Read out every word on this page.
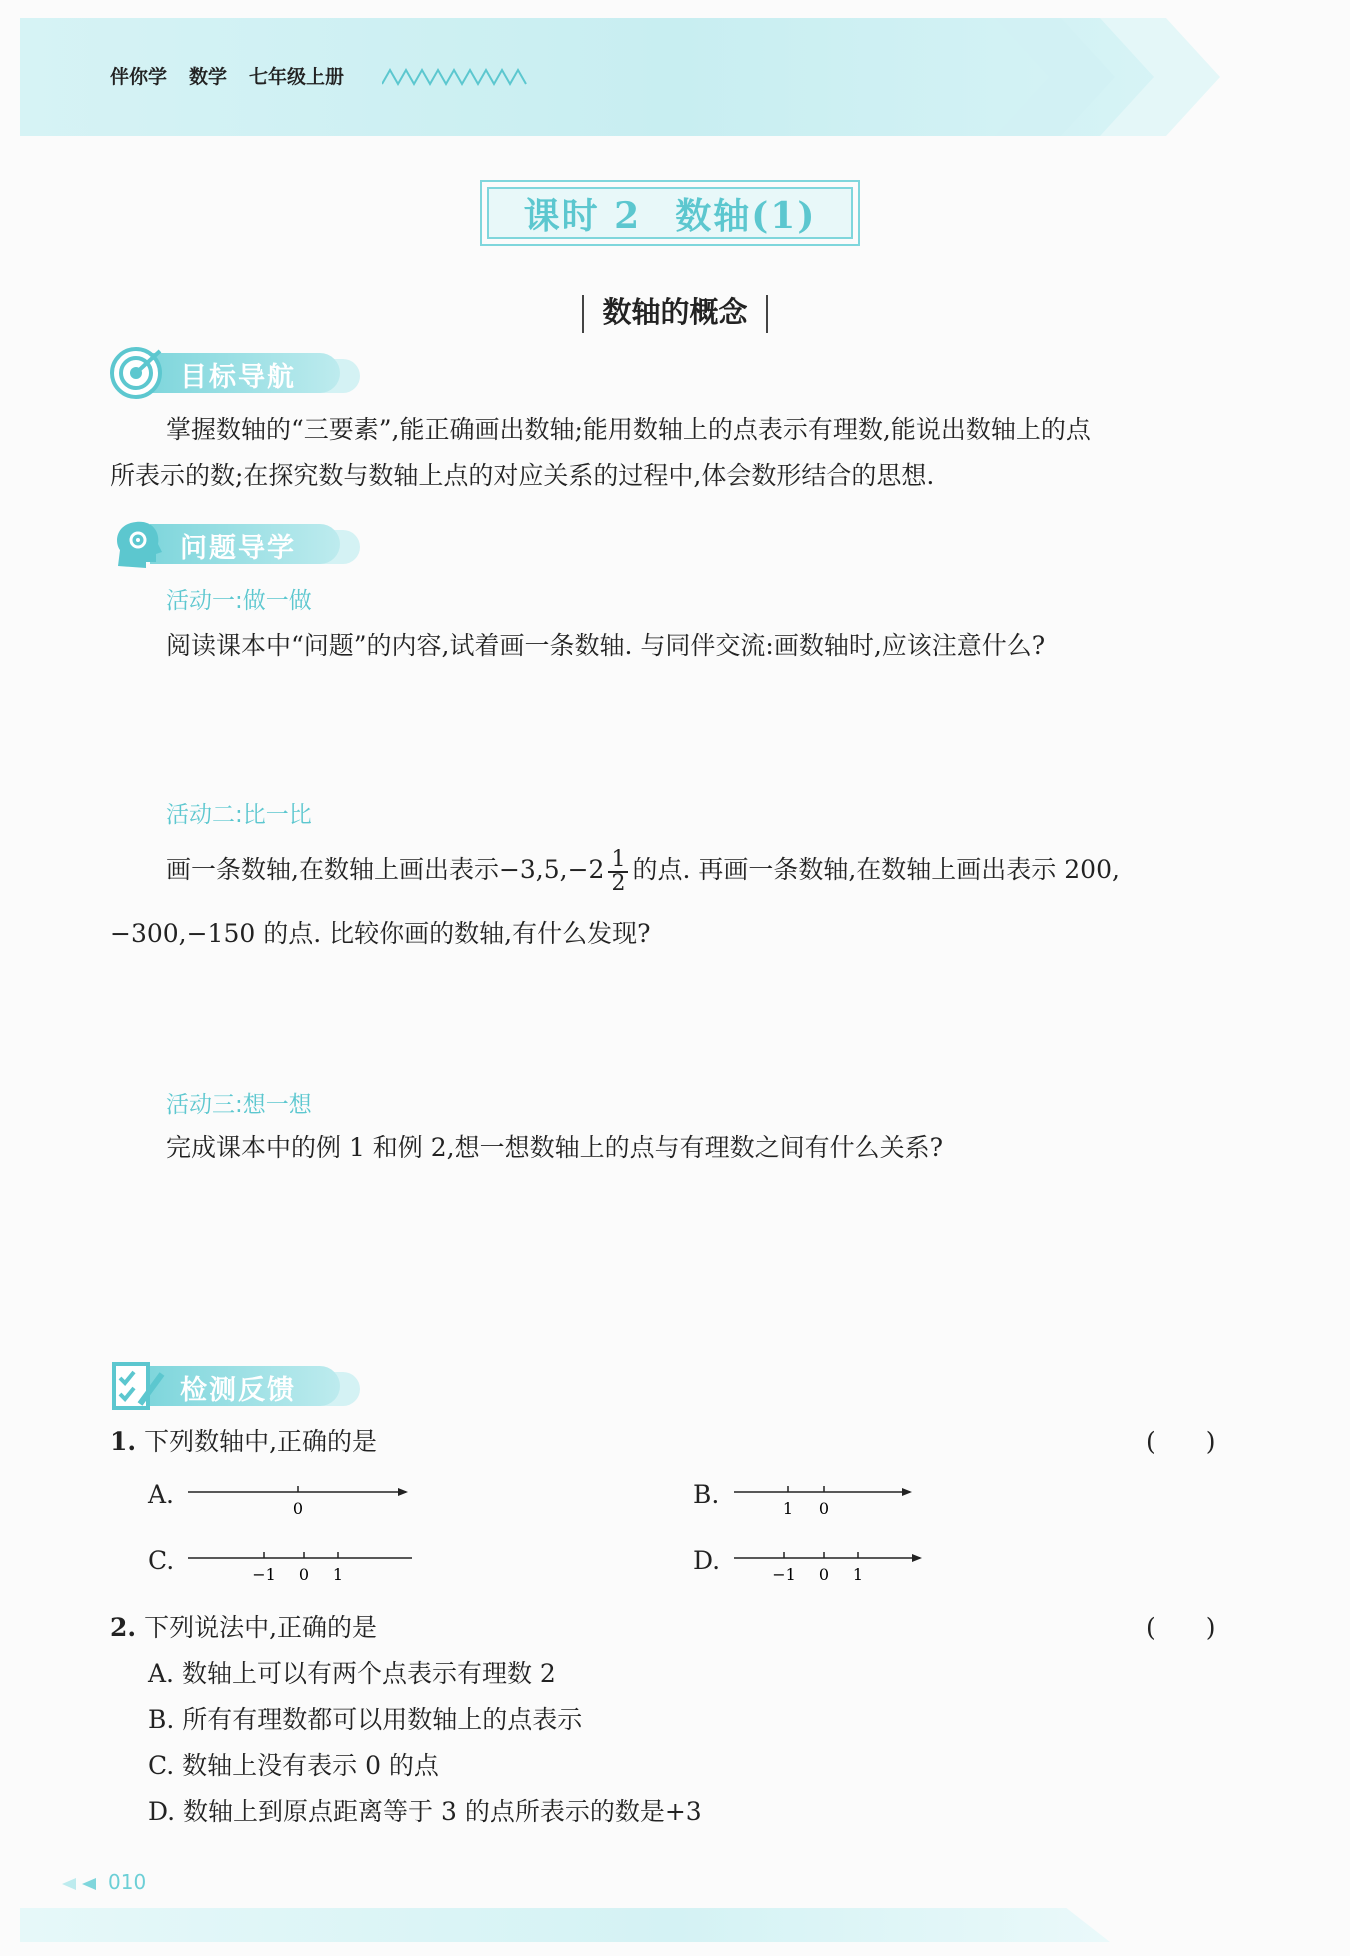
伴你学 数学 七年级上册
课时 2 数轴(1)
数轴的概念
目标导航
掌握数轴的“三要素”,能正确画出数轴;能用数轴上的点表示有理数,能说出数轴上的点
所表示的数;在探究数与数轴上点的对应关系的过程中,体会数形结合的思想.
问题导学
活动一:做一做
阅读课本中“问题”的内容,试着画一条数轴. 与同伴交流:画数轴时,应该注意什么?
活动二:比一比
画一条数轴,在数轴上画出表示$-3,5,-2 \frac{1}{2}$ 的点. 再画一条数轴,在数轴上画出表示 200,
−300,−150 的点. 比较你画的数轴,有什么发现?
活动三:想一想
完成课本中的例 1 和例 2,想一想数轴上的点与有理数之间有什么关系?
检测反馈
1. 下列数轴中,正确的是	(　　)
A.	0	B.	1 0
C.	−1 0 1	D.	−1 0 1
2. 下列说法中,正确的是	(　　)
A. 数轴上可以有两个点表示有理数 2
B. 所有有理数都可以用数轴上的点表示
C. 数轴上没有表示 0 的点
D. 数轴上到原点距离等于 3 的点所表示的数是+3
010
